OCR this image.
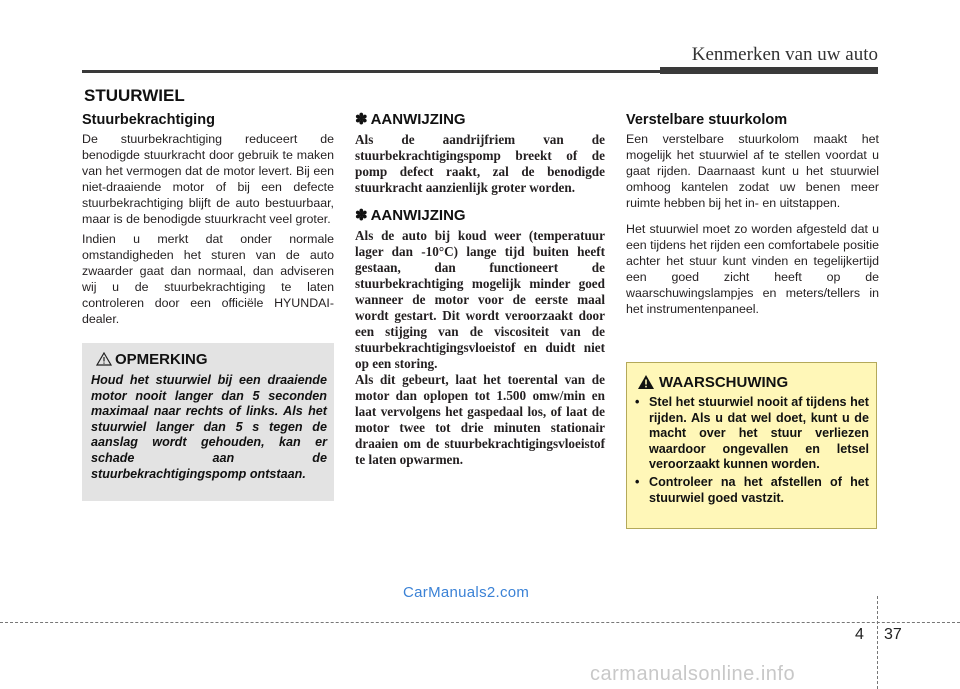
Kenmerken van uw auto
STUURWIEL
Stuurbekrachtiging

De stuurbekrachtiging reduceert de benodigde stuurkracht door gebruik te maken van het vermogen dat de motor levert. Bij een niet-draaiende motor of bij een defecte stuurbekrachtiging blijft de auto bestuurbaar, maar is de benodigde stuurkracht veel groter.

Indien u merkt dat onder normale omstandigheden het sturen van de auto zwaarder gaat dan normaal, dan adviseren wij u de stuurbekrachtiging te laten controleren door een officiële HYUNDAI-dealer.

OPMERKING
Houd het stuurwiel bij een draaiende motor nooit langer dan 5 seconden maximaal naar rechts of links. Als het stuurwiel langer dan 5 s tegen de aanslag wordt gehouden, kan er schade aan de stuurbekrachtigingspomp ontstaan.
✽ AANWIJZING

Als de aandrijfriem van de stuurbekrachtigingspomp breekt of de pomp defect raakt, zal de benodigde stuurkracht aanzienlijk groter worden.

✽ AANWIJZING

Als de auto bij koud weer (temperatuur lager dan -10°C) lange tijd buiten heeft gestaan, dan functioneert de stuurbekrachtiging mogelijk minder goed wanneer de motor voor de eerste maal wordt gestart. Dit wordt veroorzaakt door een stijging van de viscositeit van de stuurbekrachtigingsvloeistof en duidt niet op een storing.

Als dit gebeurt, laat het toerental van de motor dan oplopen tot 1.500 omw/min en laat vervolgens het gaspedaal los, of laat de motor twee tot drie minuten stationair draaien om de stuurbekrachtigingsvloeistof te laten opwarmen.

Verstelbare stuurkolom

Een verstelbare stuurkolom maakt het mogelijk het stuurwiel af te stellen voordat u gaat rijden. Daarnaast kunt u het stuurwiel omhoog kantelen zodat uw benen meer ruimte hebben bij het in- en uitstappen.

Het stuurwiel moet zo worden afgesteld dat u een tijdens het rijden een comfortabele positie achter het stuur kunt vinden en tegelijkertijd een goed zicht heeft op de waarschuwingslampjes en meters/tellers in het instrumentenpaneel.

WAARSCHUWING
• Stel het stuurwiel nooit af tijdens het rijden. Als u dat wel doet, kunt u de macht over het stuur verliezen waardoor ongevallen en letsel veroorzaakt kunnen worden.
• Controleer na het afstellen of het stuurwiel goed vastzit.
CarManuals2.com
4 37
carmanualsonline.info
